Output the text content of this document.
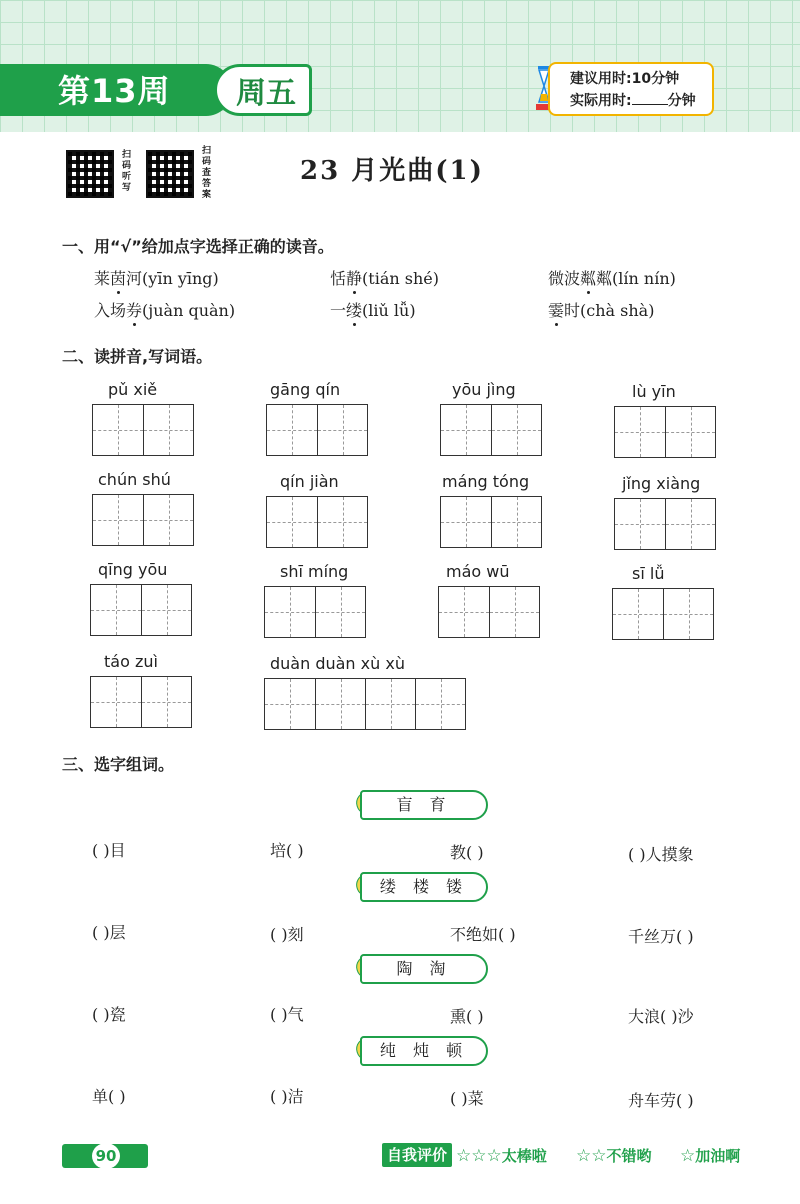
第13周 周五	建议用时:10分钟
实际用时:	分钟
扫码听写
扫码查答案
23 月光曲(1)
一、用“√”给加点字选择正确的读音。
莱茵河(yīn yīng)	恬静(tián shé)	微波粼粼(lín nín)
入场券(juàn quàn)	一缕(liǔ lǚ)	霎时(chà shà)
二、读拼音,写词语。
pǔ xiě	gāng qín	yōu jìng	lù yīn
chún shú	qín jiàn	máng tóng	jǐng xiàng
qīng yōu	shī míng	máo wū	sī lǚ
táo zuì	duàn duàn xù xù
三、选字组词。
盲 育
( )目	培( )	教( )	( )人摸象
缕 楼 镂
( )层	( )刻	不绝如( )	千丝万( )
陶 淘
( )瓷	( )气	熏( )	大浪( )沙
纯 炖 顿
单( )	( )洁	( )菜	舟车劳( )
90	自我评价 ☆☆☆太棒啦 ☆☆不错哟 ☆加油啊
